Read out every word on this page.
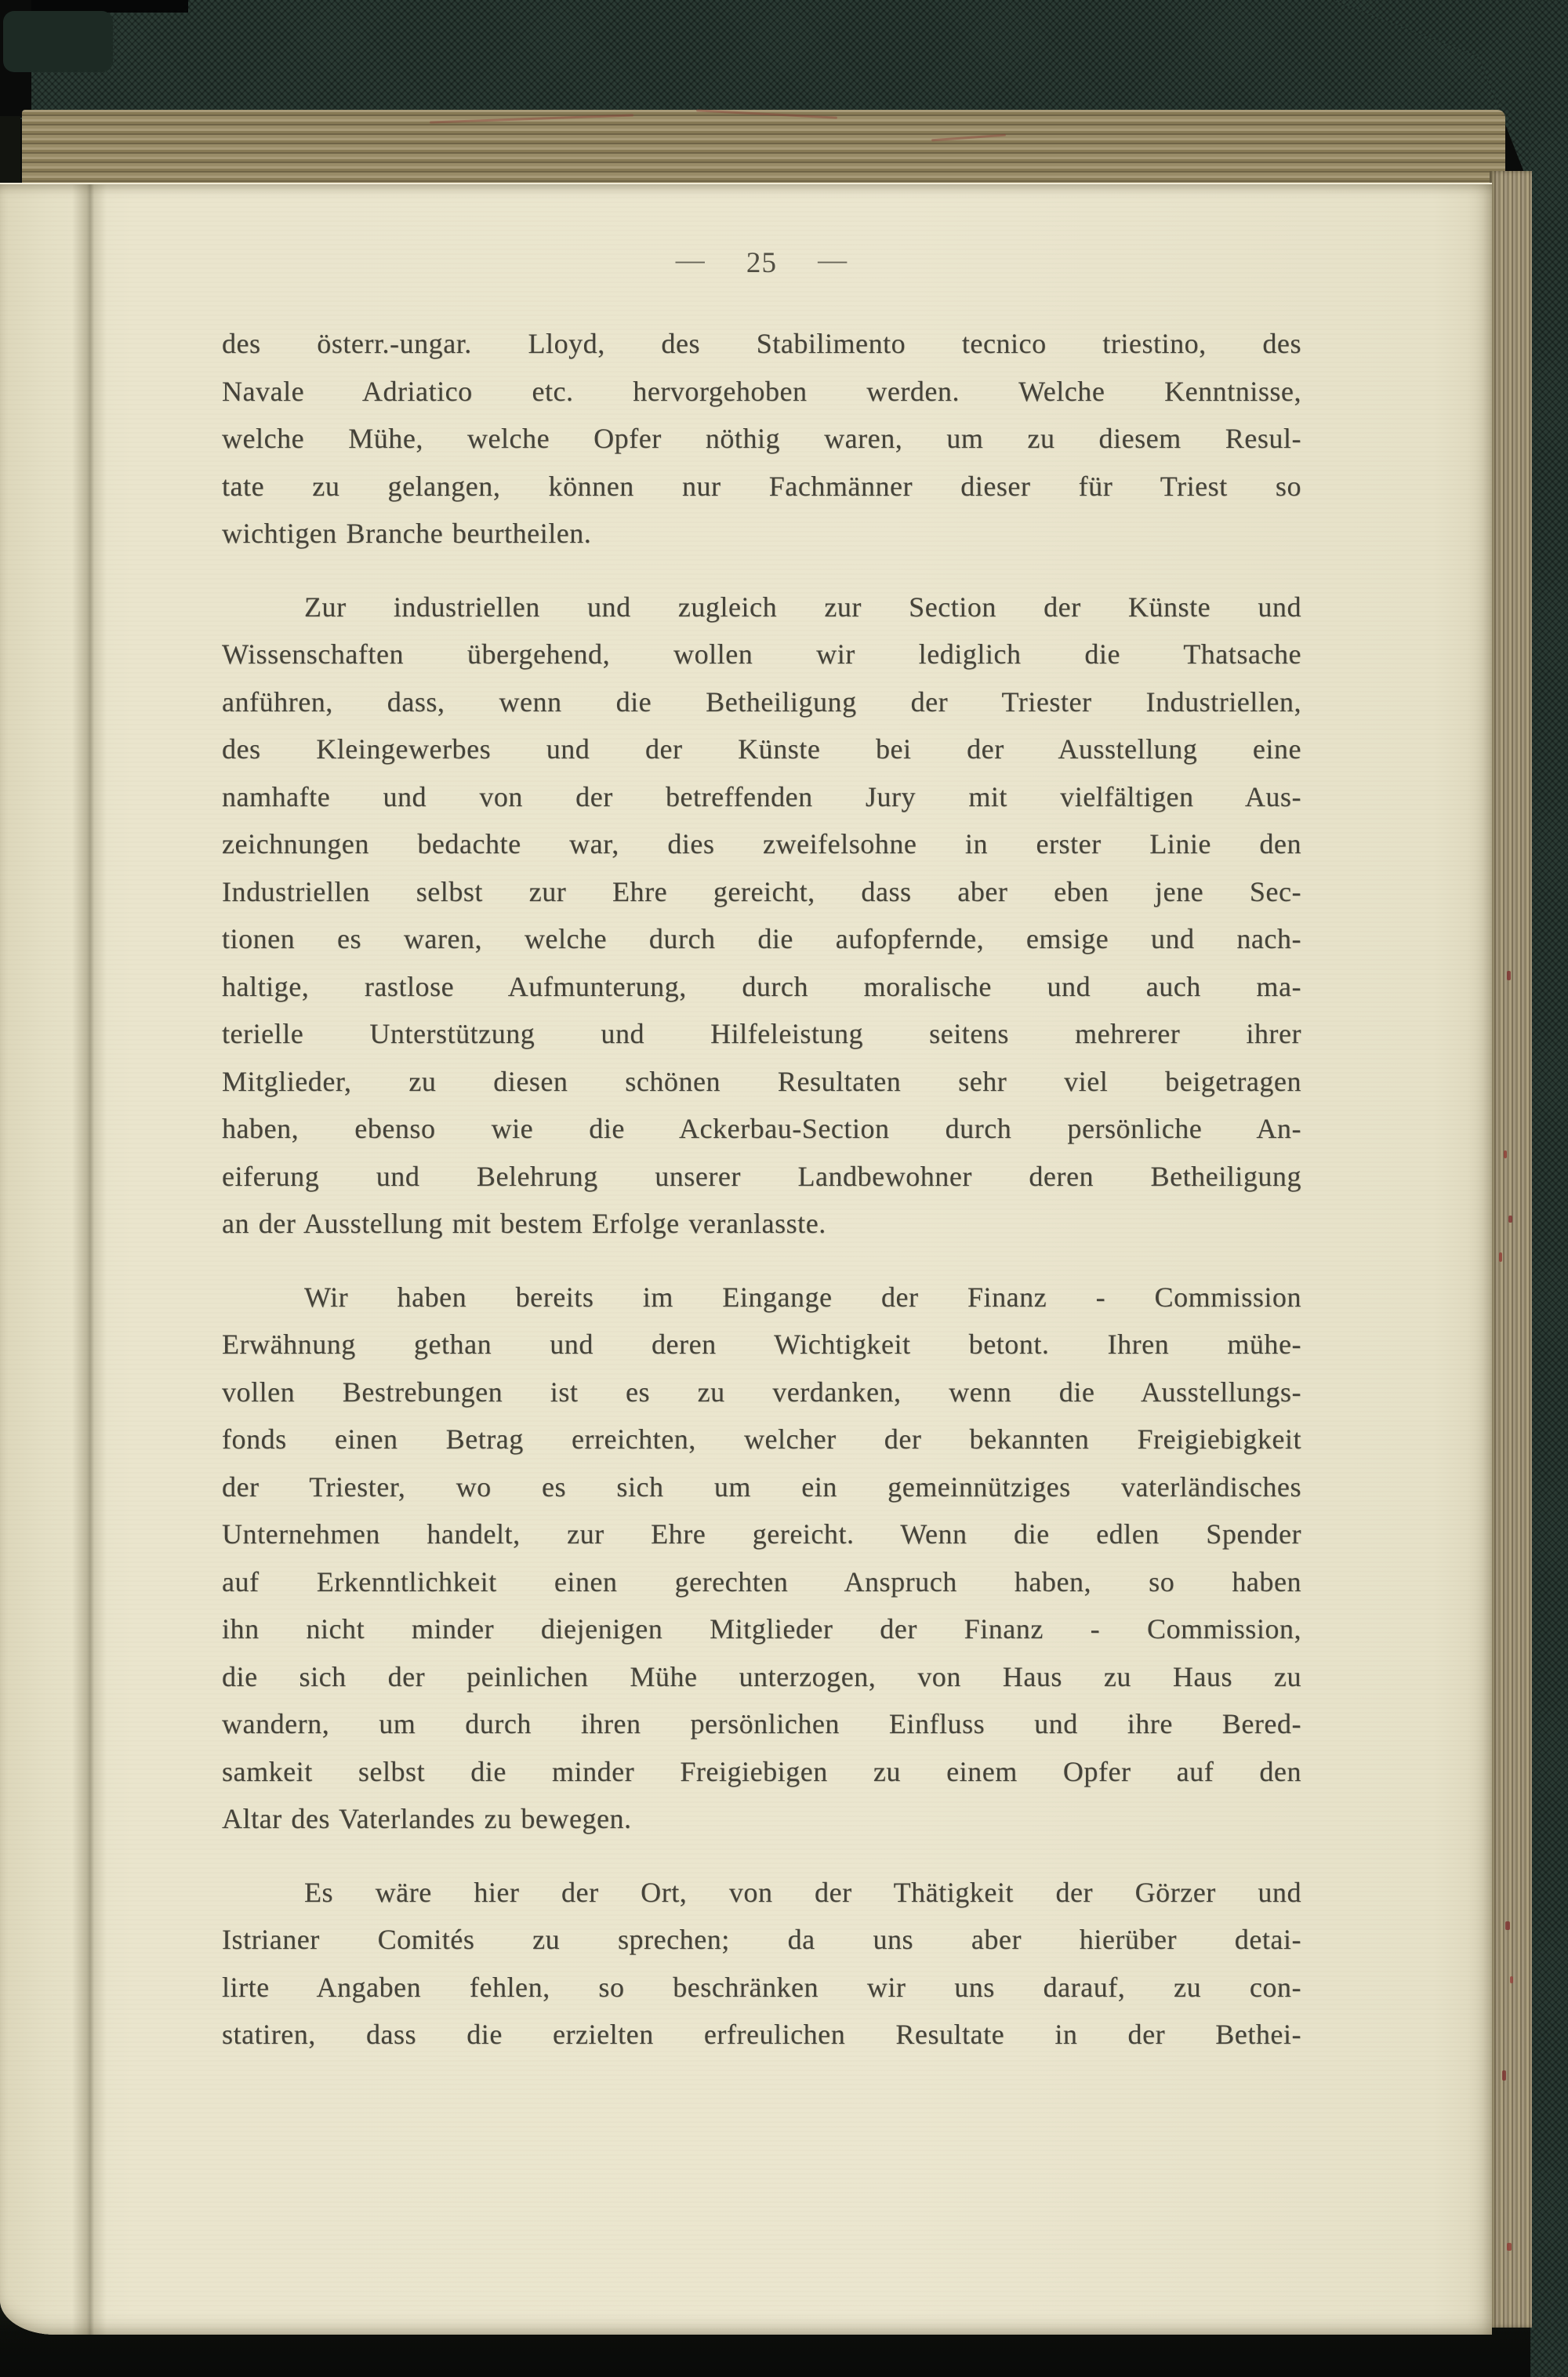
— 25 —
des österr.-ungar. Lloyd, des Stabilimento tecnico triestino, des
Navale Adriatico etc. hervorgehoben werden. Welche Kenntnisse,
welche Mühe, welche Opfer nöthig waren, um zu diesem Resul-
tate zu gelangen, können nur Fachmänner dieser für Triest so
wichtigen Branche beurtheilen.
Zur industriellen und zugleich zur Section der Künste und
Wissenschaften übergehend, wollen wir lediglich die Thatsache
anführen, dass, wenn die Betheiligung der Triester Industriellen,
des Kleingewerbes und der Künste bei der Ausstellung eine
namhafte und von der betreffenden Jury mit vielfältigen Aus-
zeichnungen bedachte war, dies zweifelsohne in erster Linie den
Industriellen selbst zur Ehre gereicht, dass aber eben jene Sec-
tionen es waren, welche durch die aufopfernde, emsige und nach-
haltige, rastlose Aufmunterung, durch moralische und auch ma-
terielle Unterstützung und Hilfeleistung seitens mehrerer ihrer
Mitglieder, zu diesen schönen Resultaten sehr viel beigetragen
haben, ebenso wie die Ackerbau-Section durch persönliche An-
eiferung und Belehrung unserer Landbewohner deren Betheiligung
an der Ausstellung mit bestem Erfolge veranlasste.
Wir haben bereits im Eingange der Finanz - Commission
Erwähnung gethan und deren Wichtigkeit betont. Ihren mühe-
vollen Bestrebungen ist es zu verdanken, wenn die Ausstellungs-
fonds einen Betrag erreichten, welcher der bekannten Freigiebigkeit
der Triester, wo es sich um ein gemeinnütziges vaterländisches
Unternehmen handelt, zur Ehre gereicht. Wenn die edlen Spender
auf Erkenntlichkeit einen gerechten Anspruch haben, so haben
ihn nicht minder diejenigen Mitglieder der Finanz - Commission,
die sich der peinlichen Mühe unterzogen, von Haus zu Haus zu
wandern, um durch ihren persönlichen Einfluss und ihre Bered-
samkeit selbst die minder Freigiebigen zu einem Opfer auf den
Altar des Vaterlandes zu bewegen.
Es wäre hier der Ort, von der Thätigkeit der Görzer und
Istrianer Comités zu sprechen; da uns aber hierüber detai-
lirte Angaben fehlen, so beschränken wir uns darauf, zu con-
statiren, dass die erzielten erfreulichen Resultate in der Bethei-
